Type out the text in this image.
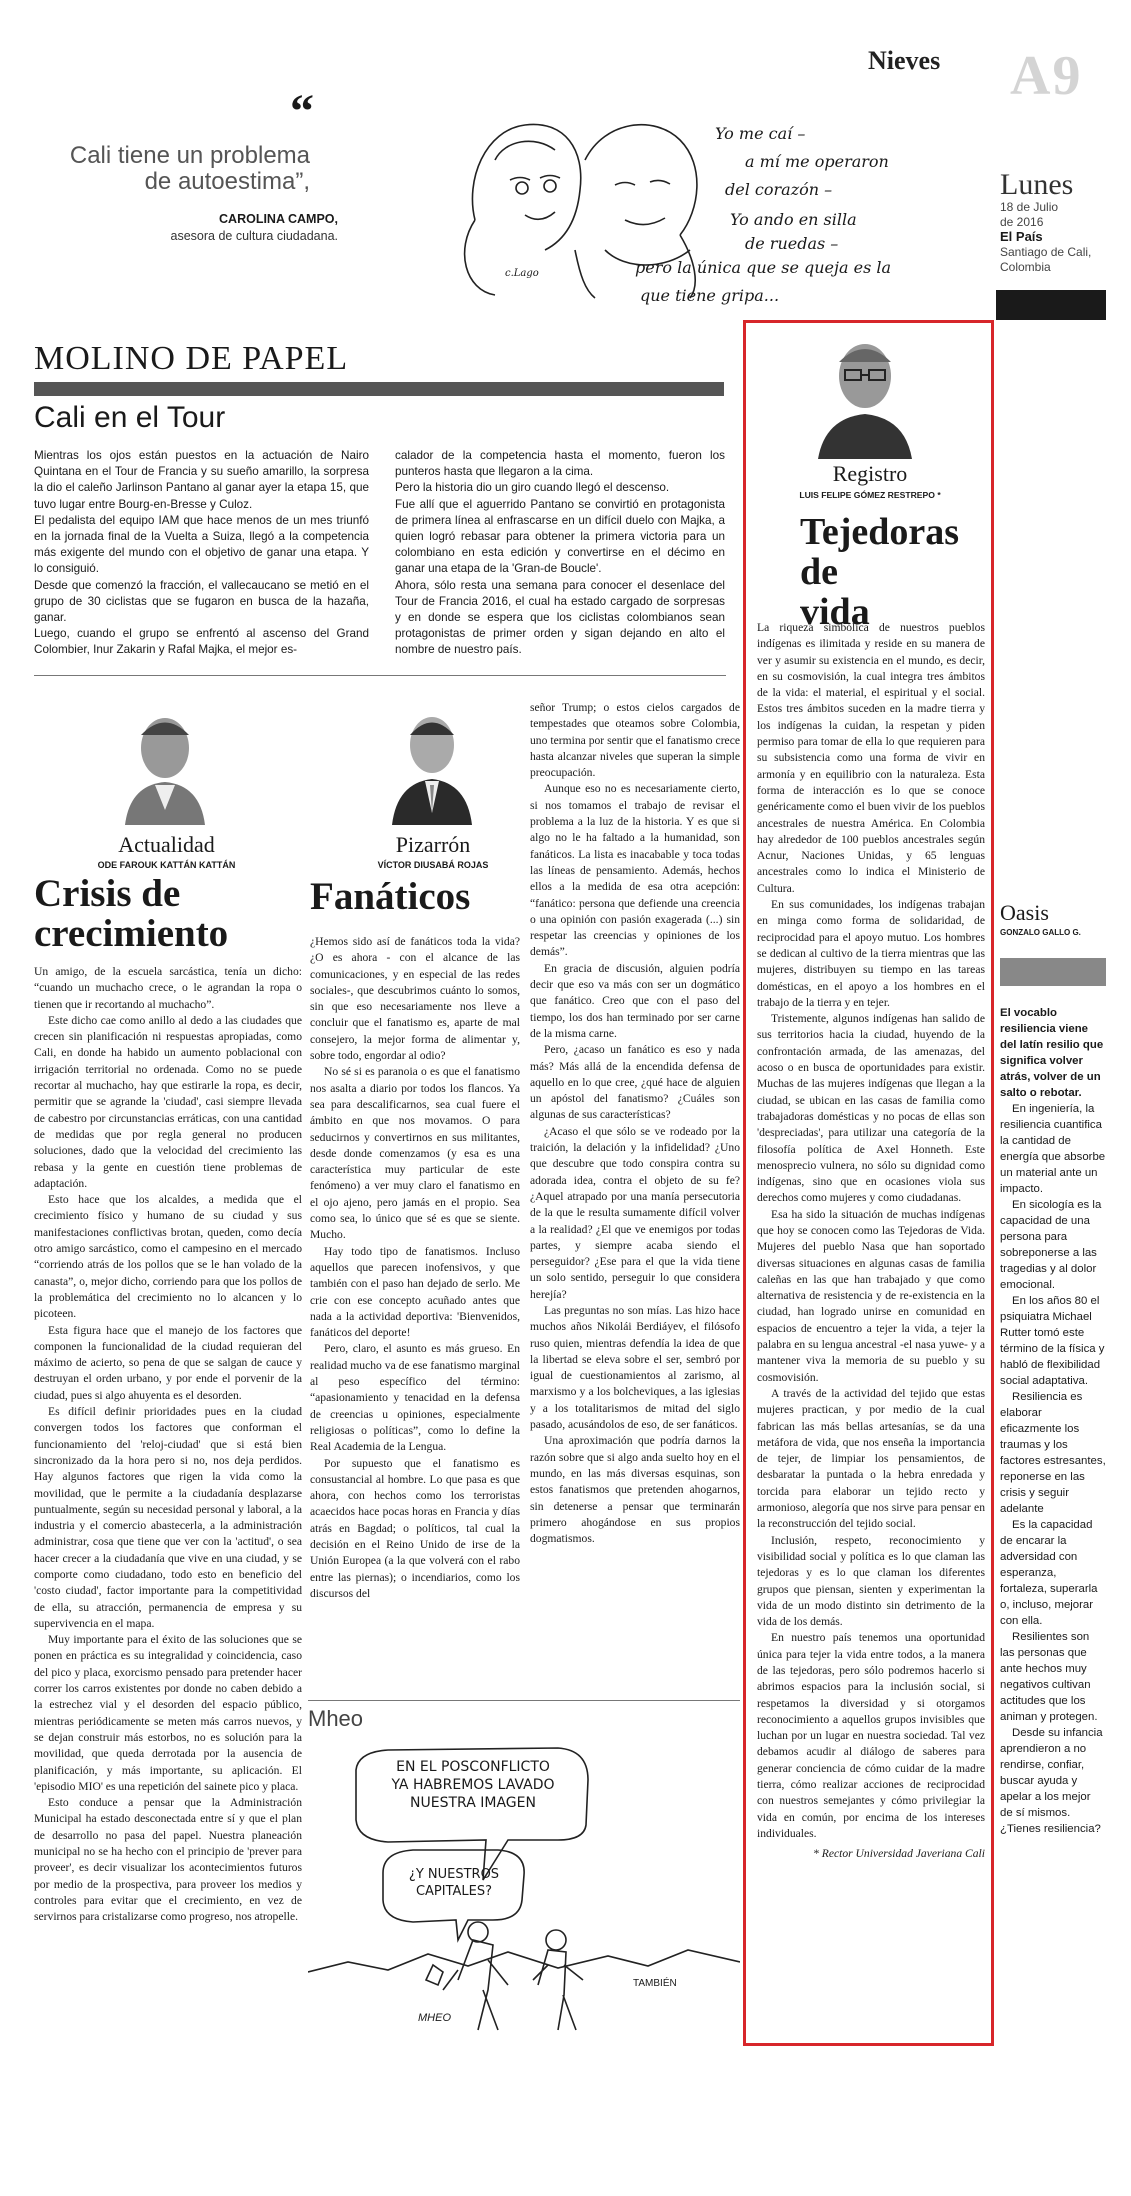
Nieves A9
Lunes
18 de Julio
de 2016
El País
Santiago de Cali,
Colombia
“
Cali tiene un problema
de autoestima”,
CAROLINA CAMPO,
asesora de cultura ciudadana.
c.Lago
Yo me caí –
a mí me operaron
del corazón –
Yo ando en silla
de ruedas –
pero la única que se queja es la
que tiene gripa...
MOLINO DE PAPEL
Cali en el Tour
Mientras los ojos están puestos en la actuación de Nairo Quintana en el Tour de Francia y su sueño amarillo, la sorpresa la dio el caleño Jarlinson Pantano al ganar ayer la etapa 15, que tuvo lugar entre Bourg-en-Bresse y Culoz.
El pedalista del equipo IAM que hace menos de un mes triunfó en la jornada final de la Vuelta a Suiza, llegó a la competencia más exigente del mundo con el objetivo de ganar una etapa. Y lo consiguió.
Desde que comenzó la fracción, el vallecaucano se metió en el grupo de 30 ciclistas que se fugaron en busca de la hazaña, ganar.
Luego, cuando el grupo se enfrentó al ascenso del Grand Colombier, Inur Zakarin y Rafal Majka, el mejor es-
calador de la competencia hasta el momento, fueron los punteros hasta que llegaron a la cima.
Pero la historia dio un giro cuando llegó el descenso.
Fue allí que el aguerrido Pantano se convirtió en protagonista de primera línea al enfrascarse en un difícil duelo con Majka, a quien logró rebasar para obtener la primera victoria para un colombiano en esta edición y convertirse en el décimo en ganar una etapa de la 'Gran-de Boucle'.
Ahora, sólo resta una semana para conocer el desenlace del Tour de Francia 2016, el cual ha estado cargado de sorpresas y en donde se espera que los ciclistas colombianos sean protagonistas de primer orden y sigan dejando en alto el nombre de nuestro país.
Actualidad
ODE FAROUK KATTÁN KATTÁN
Crisis de
crecimiento

Un amigo, de la escuela sarcástica, tenía un dicho: “cuando un muchacho crece, o le agrandan la ropa o tienen que ir recortando al muchacho”.

Este dicho cae como anillo al dedo a las ciudades que crecen sin planificación ni respuestas apropiadas, como Cali, en donde ha habido un aumento poblacional con irrigación territorial no ordenada. Como no se puede recortar al muchacho, hay que estirarle la ropa, es decir, permitir que se agrande la 'ciudad', casi siempre llevada de cabestro por circunstancias erráticas, con una cantidad de medidas que por regla general no producen soluciones, dado que la velocidad del crecimiento las rebasa y la gente en cuestión tiene problemas de adaptación.

Esto hace que los alcaldes, a medida que el crecimiento físico y humano de su ciudad y sus manifestaciones conflictivas brotan, queden, como decía otro amigo sarcástico, como el campesino en el mercado “corriendo atrás de los pollos que se le han volado de la canasta”, o, mejor dicho, corriendo para que los pollos de la problemática del crecimiento no lo alcancen y lo picoteen.

Esta figura hace que el manejo de los factores que componen la funcionalidad de la ciudad requieran del máximo de acierto, so pena de que se salgan de cauce y destruyan el orden urbano, y por ende el porvenir de la ciudad, pues si algo ahuyenta es el desorden.

Es difícil definir prioridades pues en la ciudad convergen todos los factores que conforman el funcionamiento del 'reloj-ciudad' que si está bien sincronizado da la hora pero si no, nos deja perdidos. Hay algunos factores que rigen la vida como la movilidad, que le permite a la ciudadanía desplazarse puntualmente, según su necesidad personal y laboral, a la industria y el comercio abastecerla, a la administración administrar, cosa que tiene que ver con la 'actitud', o sea hacer crecer a la ciudadanía que vive en una ciudad, y se comporte como ciudadano, todo esto en beneficio del 'costo ciudad', factor importante para la competitividad de ella, su atracción, permanencia de empresa y su supervivencia en el mapa.

Muy importante para el éxito de las soluciones que se ponen en práctica es su integralidad y coincidencia, caso del pico y placa, exorcismo pensado para pretender hacer correr los carros existentes por donde no caben debido a la estrechez vial y el desorden del espacio público, mientras periódicamente se meten más carros nuevos, y se dejan construir más estorbos, no es solución para la movilidad, que queda derrotada por la ausencia de planificación, y más importante, su aplicación. El 'episodio MIO' es una repetición del sainete pico y placa.

Esto conduce a pensar que la Administración Municipal ha estado desconectada entre sí y que el plan de desarrollo no pasa del papel. Nuestra planeación municipal no se ha hecho con el principio de 'prever para proveer', es decir visualizar los acontecimientos futuros por medio de la prospectiva, para proveer los medios y controles para evitar que el crecimiento, en vez de servirnos para cristalizarse como progreso, nos atropelle.

Pizarrón
VÍCTOR DIUSABÁ ROJAS
Fanáticos

¿Hemos sido así de fanáticos toda la vida? ¿O es ahora - con el alcance de las comunicaciones, y en especial de las redes sociales-, que descubrimos cuánto lo somos, sin que eso necesariamente nos lleve a concluir que el fanatismo es, aparte de mal consejero, la mejor forma de alimentar y, sobre todo, engordar al odio?

No sé si es paranoia o es que el fanatismo nos asalta a diario por todos los flancos. Ya sea para descalificarnos, sea cual fuere el ámbito en que nos movamos. O para seducirnos y convertirnos en sus militantes, desde donde comenzamos (y esa es una característica muy particular de este fenómeno) a ver muy claro el fanatismo en el ojo ajeno, pero jamás en el propio. Sea como sea, lo único que sé es que se siente. Mucho.

Hay todo tipo de fanatismos. Incluso aquellos que parecen inofensivos, y que también con el paso han dejado de serlo. Me crie con ese concepto acuñado antes que nada a la actividad deportiva: 'Bienvenidos, fanáticos del deporte!

Pero, claro, el asunto es más grueso. En realidad mucho va de ese fanatismo marginal al peso específico del término: “apasionamiento y tenacidad en la defensa de creencias u opiniones, especialmente religiosas o políticas”, como lo define la Real Academia de la Lengua.

Por supuesto que el fanatismo es consustancial al hombre. Lo que pasa es que ahora, con hechos como los terroristas acaecidos hace pocas horas en Francia y días atrás en Bagdad; o políticos, tal cual la decisión en el Reino Unido de irse de la Unión Europea (a la que volverá con el rabo entre las piernas); o incendiarios, como los discursos del

señor Trump; o estos cielos cargados de tempestades que oteamos sobre Colombia, uno termina por sentir que el fanatismo crece hasta alcanzar niveles que superan la simple preocupación.

Aunque eso no es necesariamente cierto, si nos tomamos el trabajo de revisar el problema a la luz de la historia. Y es que si algo no le ha faltado a la humanidad, son fanáticos. La lista es inacabable y toca todas las líneas de pensamiento. Además, hechos ellos a la medida de esa otra acepción: “fanático: persona que defiende una creencia o una opinión con pasión exagerada (...) sin respetar las creencias y opiniones de los demás”.

En gracia de discusión, alguien podría decir que eso va más con ser un dogmático que fanático. Creo que con el paso del tiempo, los dos han terminado por ser carne de la misma carne.

Pero, ¿acaso un fanático es eso y nada más? Más allá de la encendida defensa de aquello en lo que cree, ¿qué hace de alguien un apóstol del fanatismo? ¿Cuáles son algunas de sus características?

¿Acaso el que sólo se ve rodeado por la traición, la delación y la infidelidad? ¿Uno que descubre que todo conspira contra su adorada idea, contra el objeto de su fe? ¿Aquel atrapado por una manía persecutoria de la que le resulta sumamente difícil volver a la realidad? ¿El que ve enemigos por todas partes, y siempre acaba siendo el perseguidor? ¿Ese para el que la vida tiene un solo sentido, perseguir lo que considera herejía?

Las preguntas no son mías. Las hizo hace muchos años Nikolái Berdiáyev, el filósofo ruso quien, mientras defendía la idea de que la libertad se eleva sobre el ser, sembró por igual de cuestionamientos al zarismo, al marxismo y a los bolcheviques, a las iglesias y a los totalitarismos de mitad del siglo pasado, acusándolos de eso, de ser fanáticos.

Una aproximación que podría darnos la razón sobre que si algo anda suelto hoy en el mundo, en las más diversas esquinas, son estos fanatismos que pretenden ahogarnos, sin detenerse a pensar que terminarán primero ahogándose en sus propios dogmatismos.

Mheo
EN EL POSCONFLICTO
YA HABREMOS LAVADO
NUESTRA IMAGEN
¿Y NUESTROS
CAPITALES?
TAMBIÉN
MHEO
Registro
LUIS FELIPE GÓMEZ RESTREPO *
Tejedoras de
vida

La riqueza simbólica de nuestros pueblos indígenas es ilimitada y reside en su manera de ver y asumir su existencia en el mundo, es decir, en su cosmovisión, la cual integra tres ámbitos de la vida: el material, el espiritual y el social. Estos tres ámbitos suceden en la madre tierra y los indígenas la cuidan, la respetan y piden permiso para tomar de ella lo que requieren para su subsistencia como una forma de vivir en armonía y en equilibrio con la naturaleza. Esta forma de interacción es lo que se conoce genéricamente como el buen vivir de los pueblos ancestrales de nuestra América. En Colombia hay alrededor de 100 pueblos ancestrales según Acnur, Naciones Unidas, y 65 lenguas ancestrales como lo indica el Ministerio de Cultura.

En sus comunidades, los indígenas trabajan en minga como forma de solidaridad, de reciprocidad para el apoyo mutuo. Los hombres se dedican al cultivo de la tierra mientras que las mujeres, distribuyen su tiempo en las tareas domésticas, en el apoyo a los hombres en el trabajo de la tierra y en tejer.

Tristemente, algunos indígenas han salido de sus territorios hacia la ciudad, huyendo de la confrontación armada, de las amenazas, del acoso o en busca de oportunidades para existir. Muchas de las mujeres indígenas que llegan a la ciudad, se ubican en las casas de familia como trabajadoras domésticas y no pocas de ellas son 'despreciadas', para utilizar una categoría de la filosofía política de Axel Honneth. Este menosprecio vulnera, no sólo su dignidad como indígenas, sino que en ocasiones viola sus derechos como mujeres y como ciudadanas.

Esa ha sido la situación de muchas indígenas que hoy se conocen como las Tejedoras de Vida. Mujeres del pueblo Nasa que han soportado diversas situaciones en algunas casas de familia caleñas en las que han trabajado y que como alternativa de resistencia y de re-existencia en la ciudad, han logrado unirse en comunidad en espacios de encuentro a tejer la vida, a tejer la palabra en su lengua ancestral -el nasa yuwe- y a mantener viva la memoria de su pueblo y su cosmovisión.

A través de la actividad del tejido que estas mujeres practican, y por medio de la cual fabrican las más bellas artesanías, se da una metáfora de vida, que nos enseña la importancia de tejer, de limpiar los pensamientos, de desbaratar la puntada o la hebra enredada y torcida para elaborar un tejido recto y armonioso, alegoría que nos sirve para pensar en la reconstrucción del tejido social.

Inclusión, respeto, reconocimiento y visibilidad social y política es lo que claman las tejedoras y es lo que claman los diferentes grupos que piensan, sienten y experimentan la vida de un modo distinto sin detrimento de la vida de los demás.

En nuestro país tenemos una oportunidad única para tejer la vida entre todos, a la manera de las tejedoras, pero sólo podremos hacerlo si abrimos espacios para la inclusión social, si respetamos la diversidad y si otorgamos reconocimiento a aquellos grupos invisibles que luchan por un lugar en nuestra sociedad. Tal vez debamos acudir al diálogo de saberes para generar conciencia de cómo cuidar de la madre tierra, cómo realizar acciones de reciprocidad con nuestros semejantes y cómo privilegiar la vida en común, por encima de los intereses individuales.

* Rector Universidad Javeriana Cali

Oasis
GONZALO GALLO G.

El vocablo resiliencia viene del latín resilio que significa volver atrás, volver de un salto o rebotar.

En ingeniería, la resiliencia cuantifica la cantidad de energía que absorbe un material ante un impacto.

En sicología es la capacidad de una persona para sobreponerse a las tragedias y al dolor emocional.

En los años 80 el psiquiatra Michael Rutter tomó este término de la física y habló de flexibilidad social adaptativa.

Resiliencia es elaborar eficazmente los traumas y los factores estresantes, reponerse en las crisis y seguir adelante

Es la capacidad de encarar la adversidad con esperanza, fortaleza, superarla o, incluso, mejorar con ella.

Resilientes son las personas que ante hechos muy negativos cultivan actitudes que los animan y protegen.

Desde su infancia aprendieron a no rendirse, confiar, buscar ayuda y apelar a los mejor de sí mismos. ¿Tienes resiliencia?
